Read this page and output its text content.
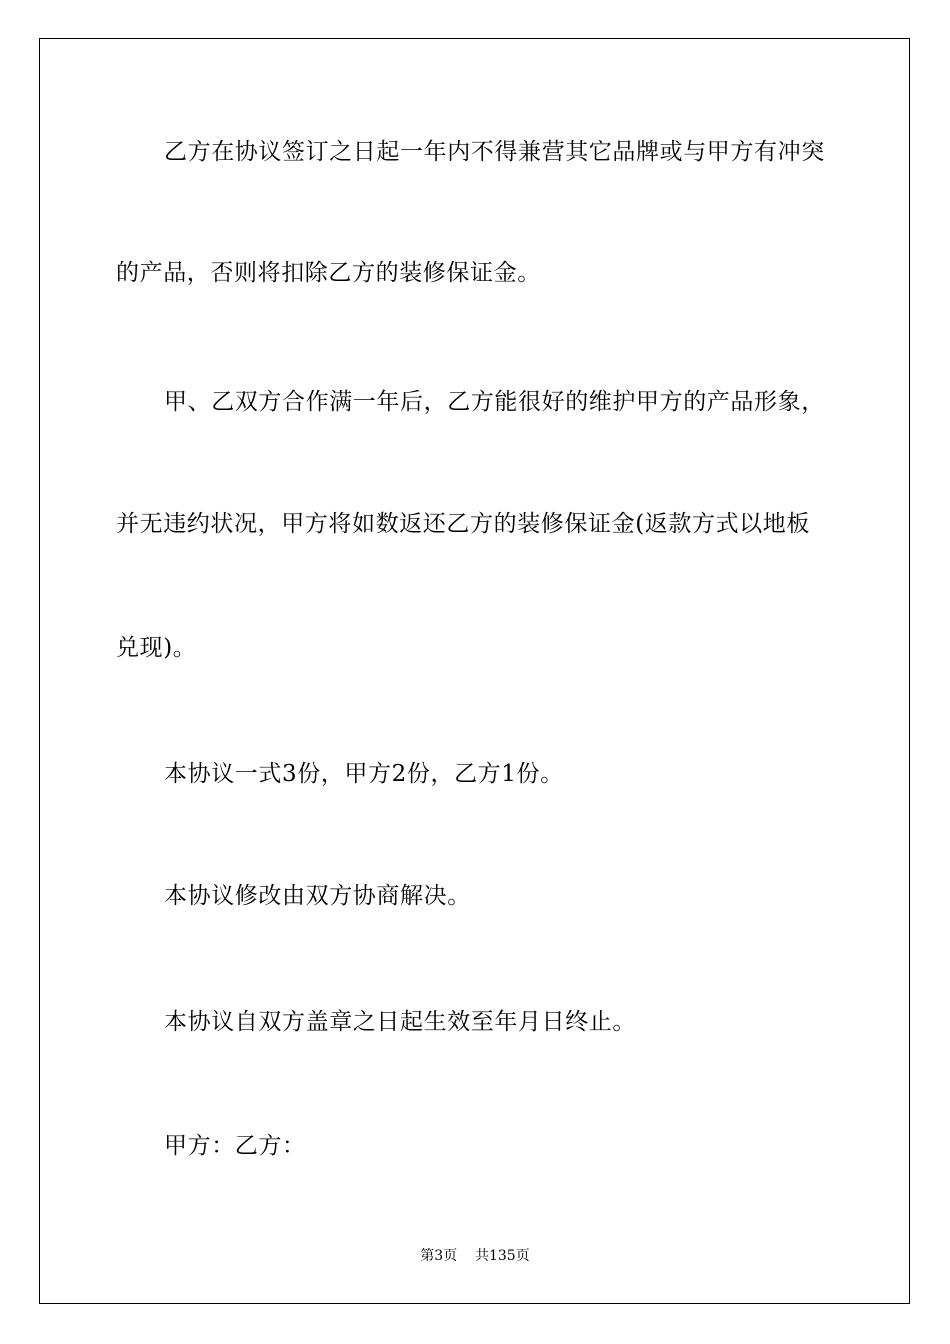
乙方在协议签订之日起一年内不得兼营其它品牌或与甲方有冲突
的产品，否则将扣除乙方的装修保证金。
甲、乙双方合作满一年后，乙方能很好的维护甲方的产品形象，
并无违约状况，甲方将如数返还乙方的装修保证金(返款方式以地板
兑现)。
本协议一式3份，甲方2份，乙方1份。
本协议修改由双方协商解决。
本协议自双方盖章之日起生效至年月日终止。
甲方：乙方：
第3页    共135页
